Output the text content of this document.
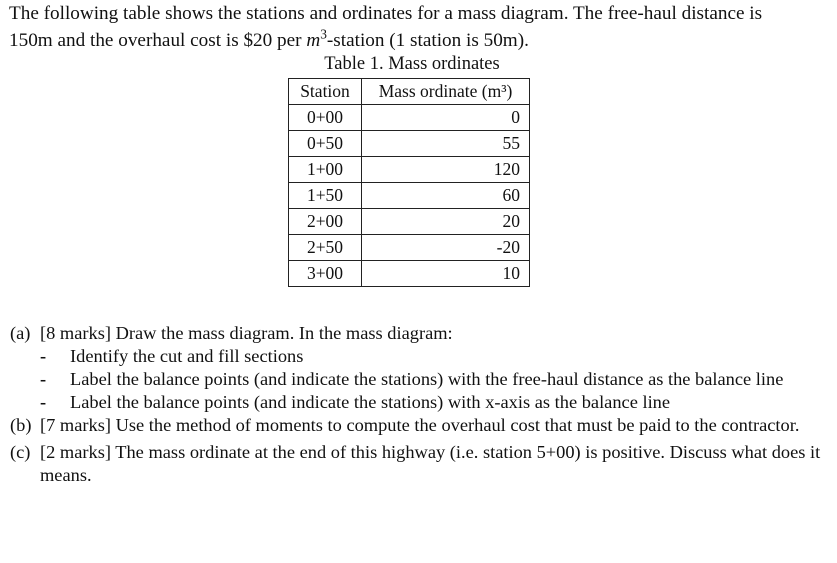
The following table shows the stations and ordinates for a mass diagram. The free-haul distance is
150m and the overhaul cost is $20 per $m^3$-station (1 station is 50m).
Table 1. Mass ordinates
Station	Mass ordinate (m³)
0+00	0
0+50	55
1+00	120
1+50	60
2+00	20
2+50	-20
3+00	10
(a) [8 marks] Draw the mass diagram. In the mass diagram:
- Identify the cut and fill sections
- Label the balance points (and indicate the stations) with the free-haul distance as the balance line
- Label the balance points (and indicate the stations) with x-axis as the balance line
(b) [7 marks] Use the method of moments to compute the overhaul cost that must be paid to the contractor.
(c) [2 marks] The mass ordinate at the end of this highway (i.e. station 5+00) is positive. Discuss what does it means.
